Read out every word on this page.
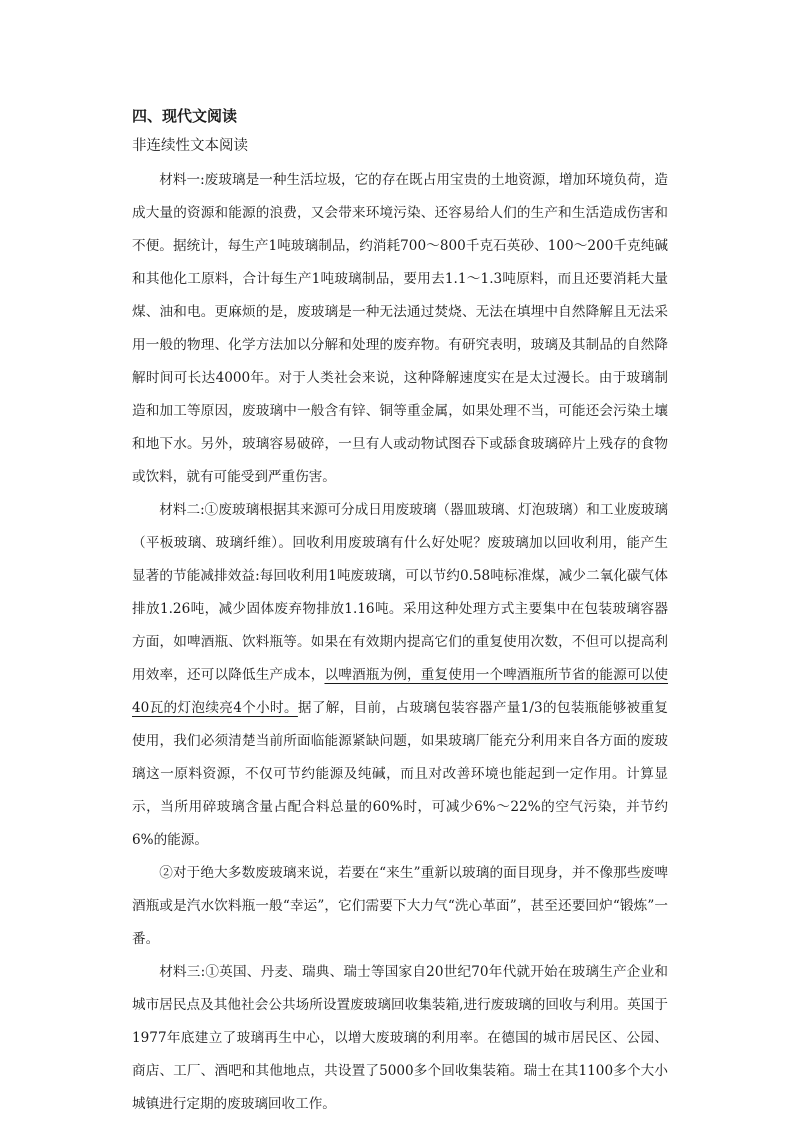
四、现代文阅读
非连续性文本阅读

材料一:废玻璃是一种生活垃圾，它的存在既占用宝贵的土地资源，增加环境负荷，造成大量的资源和能源的浪费，又会带来环境污染、还容易给人们的生产和生活造成伤害和不便。据统计，每生产1吨玻璃制品，约消耗700～800千克石英砂、100～200千克纯碱和其他化工原料，合计每生产1吨玻璃制品，要用去1.1～1.3吨原料，而且还要消耗大量煤、油和电。更麻烦的是，废玻璃是一种无法通过焚烧、无法在填埋中自然降解且无法采用一般的物理、化学方法加以分解和处理的废弃物。有研究表明，玻璃及其制品的自然降解时间可长达4000年。对于人类社会来说，这种降解速度实在是太过漫长。由于玻璃制造和加工等原因，废玻璃中一般含有锌、铜等重金属，如果处理不当，可能还会污染土壤和地下水。另外，玻璃容易破碎，一旦有人或动物试图吞下或舔食玻璃碎片上残存的食物或饮料，就有可能受到严重伤害。

材料二:①废玻璃根据其来源可分成日用废玻璃（器皿玻璃、灯泡玻璃）和工业废玻璃（平板玻璃、玻璃纤维）。回收利用废玻璃有什么好处呢？废玻璃加以回收利用，能产生显著的节能减排效益:每回收利用1吨废玻璃，可以节约0.58吨标准煤，减少二氧化碳气体排放1.26吨，减少固体废弃物排放1.16吨。采用这种处理方式主要集中在包装玻璃容器方面，如啤酒瓶、饮料瓶等。如果在有效期内提高它们的重复使用次数，不但可以提高利用效率，还可以降低生产成本，以啤酒瓶为例，重复使用一个啤酒瓶所节省的能源可以使40瓦的灯泡续亮4个小时。据了解，目前，占玻璃包装容器产量1/3的包装瓶能够被重复使用，我们必须清楚当前所面临能源紧缺问题，如果玻璃厂能充分利用来自各方面的废玻璃这一原料资源，不仅可节约能源及纯碱，而且对改善环境也能起到一定作用。计算显示，当所用碎玻璃含量占配合料总量的60%时，可减少6%～22%的空气污染，并节约6%的能源。

②对于绝大多数废玻璃来说，若要在“来生”重新以玻璃的面目现身，并不像那些废啤酒瓶或是汽水饮料瓶一般“幸运”，它们需要下大力气“洗心革面”，甚至还要回炉“锻炼”一番。

材料三:①英国、丹麦、瑞典、瑞士等国家自20世纪70年代就开始在玻璃生产企业和城市居民点及其他社会公共场所设置废玻璃回收集装箱,进行废玻璃的回收与利用。英国于1977年底建立了玻璃再生中心，以增大废玻璃的利用率。在德国的城市居民区、公园、商店、工厂、酒吧和其他地点，共设置了5000多个回收集装箱。瑞士在其1100多个大小城镇进行定期的废玻璃回收工作。
